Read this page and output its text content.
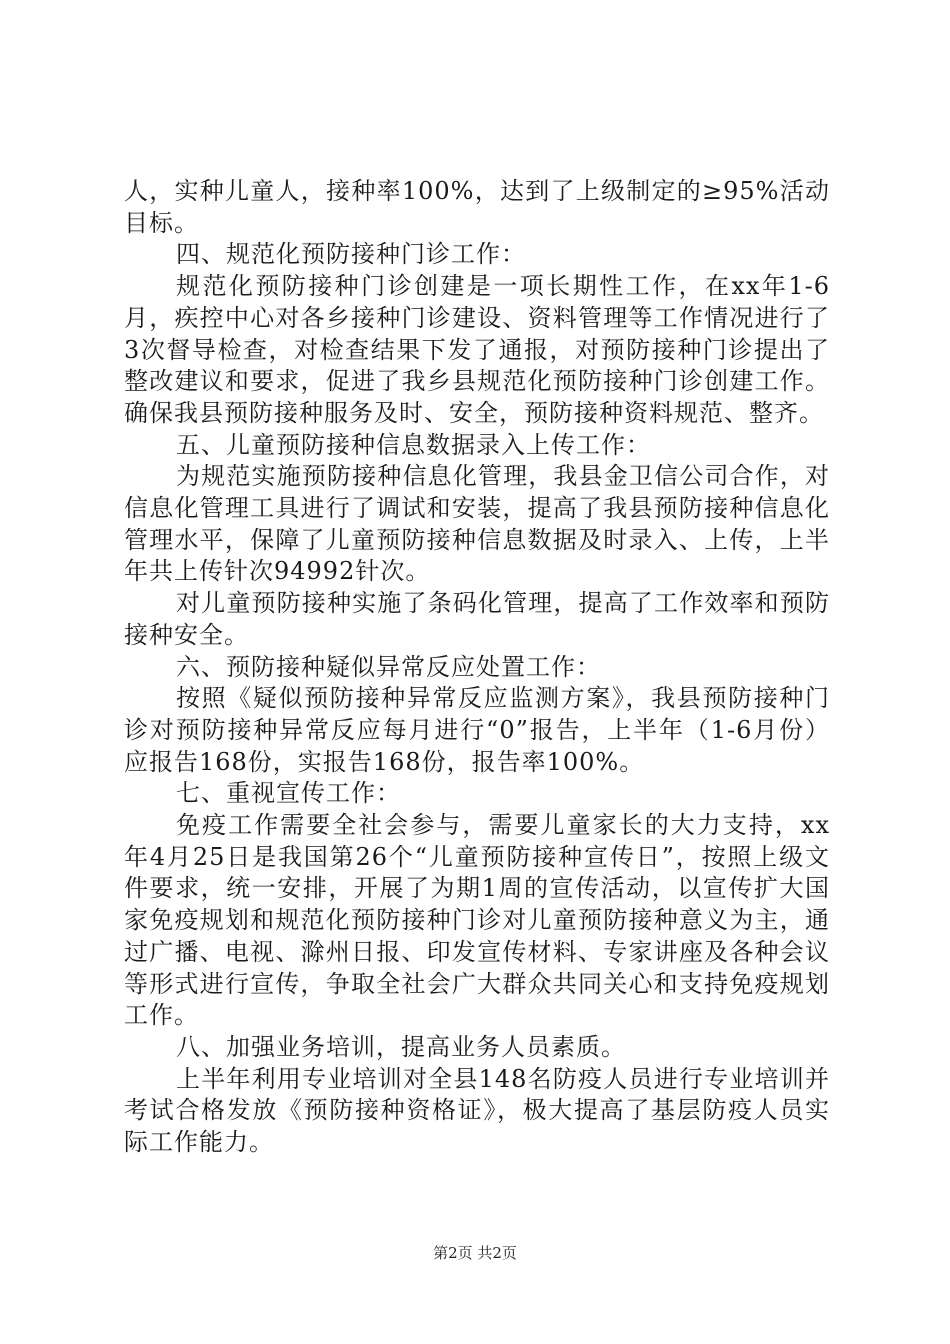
人，实种儿童人，接种率100%，达到了上级制定的≥95%活动目标。

四、规范化预防接种门诊工作：

规范化预防接种门诊创建是一项长期性工作，在xx年1-6月，疾控中心对各乡接种门诊建设、资料管理等工作情况进行了3次督导检查，对检查结果下发了通报，对预防接种门诊提出了整改建议和要求，促进了我乡县规范化预防接种门诊创建工作。确保我县预防接种服务及时、安全，预防接种资料规范、整齐。

五、儿童预防接种信息数据录入上传工作：

为规范实施预防接种信息化管理，我县金卫信公司合作，对信息化管理工具进行了调试和安装，提高了我县预防接种信息化管理水平，保障了儿童预防接种信息数据及时录入、上传，上半年共上传针次94992针次。

对儿童预防接种实施了条码化管理，提高了工作效率和预防接种安全。

六、预防接种疑似异常反应处置工作：

按照《疑似预防接种异常反应监测方案》，我县预防接种门诊对预防接种异常反应每月进行“0”报告，上半年（1-6月份）应报告168份，实报告168份，报告率100%。

七、重视宣传工作：

免疫工作需要全社会参与，需要儿童家长的大力支持，xx年4月25日是我国第26个“儿童预防接种宣传日”，按照上级文件要求，统一安排，开展了为期1周的宣传活动，以宣传扩大国家免疫规划和规范化预防接种门诊对儿童预防接种意义为主，通过广播、电视、滁州日报、印发宣传材料、专家讲座及各种会议等形式进行宣传，争取全社会广大群众共同关心和支持免疫规划工作。

八、加强业务培训，提高业务人员素质。

上半年利用专业培训对全县148名防疫人员进行专业培训并考试合格发放《预防接种资格证》，极大提高了基层防疫人员实际工作能力。

第2页 共2页
